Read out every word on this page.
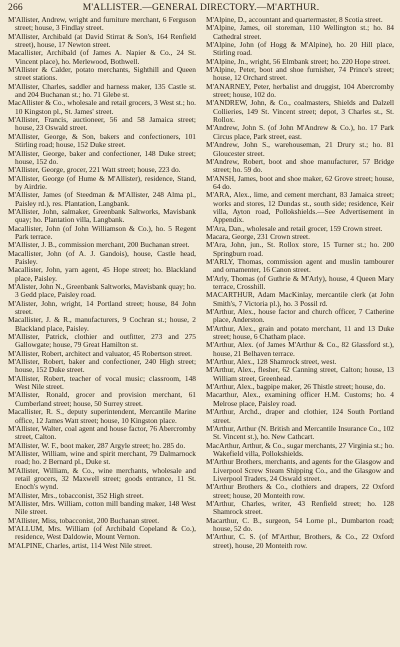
266	M'ALLISTER.—GENERAL DIRECTORY.—M'ARTHUR.
M'Allister, Andrew, wright and furniture merchant, 6 Ferguson street; house, 3 Findlay street.
M'Allister, Archibald (at David Stirrat & Son's, 164 Renfield street), house, 17 Newton street.
Macallister, Archibald (of James A. Napier & Co., 24 St. Vincent place), ho. Merlewood, Bothwell.
M'Allister & Calder, potato merchants, Sighthill and Queen street stations.
M'Allister, Charles, saddler and harness maker, 135 Castle st. and 204 Buchanan st.; ho. 71 Glebe st.
MacAllister & Co., wholesale and retail grocers, 3 West st.; ho. 10 Kingston pl., St. James' street.
M'Allister, Francis, auctioneer, 56 and 58 Jamaica street; house, 23 Oswald street.
M'Allister, George, & Son, bakers and confectioners, 101 Stirling road; house, 152 Duke street.
M'Allister, George, baker and confectioner, 148 Duke street; house, 152 do.
M'Allister, George, grocer, 221 Watt street; house, 223 do.
M'Allister, George (of Hume & M'Allister), residence, Stand, by Airdrie.
M'Allister, James (of Steedman & M'Allister, 248 Alma pl., Paisley rd.), res. Plantation, Langbank.
M'Allister, John, salmaker, Greenbank Saltworks, Mavisbank quay; ho. Plantation villa, Langbank.
Macallister, John (of John Williamson & Co.), ho. 5 Regent Park terrace.
M'Allister, J. B., commission merchant, 200 Buchanan street.
Macallister, John (of A. J. Gandois), house, Castle head, Paisley.
Macallister, John, yarn agent, 45 Hope street; ho. Blackland place, Paisley.
M'Alister, John N., Greenbank Saltworks, Mavisbank quay; ho. 3 Gedd place, Paisley road.
M'Alister, John, wright, 14 Portland street; house, 84 John street.
Macallister, J. & R., manufacturers, 9 Cochran st.; house, 2 Blackland place, Paisley.
M'Allister, Patrick, clothier and outfitter, 273 and 275 Gallowgate; house, 79 Great Hamilton st.
M'Allister, Robert, architect and valuator, 45 Robertson street.
M'Allister, Robert, baker and confectioner, 240 High street; house, 152 Duke street.
M'Allister, Robert, teacher of vocal music; classroom, 148 West Nile street.
M'Allister, Ronald, grocer and provision merchant, 61 Cumberland street; house, 50 Surrey street.
Macallister, R. S., deputy superintendent, Mercantile Marine office, 12 James Watt street; house, 10 Kingston place.
M'Allister, Walter, coal agent and house factor, 76 Abercromby street, Calton.
M'Allister, W. F., boot maker, 287 Argyle street; ho. 285 do.
M'Allister, William, wine and spirit merchant, 79 Dalmarnock road; ho. 2 Bernard pl., Duke st.
M'Allister, William, & Co., wine merchants, wholesale and retail grocers, 32 Maxwell street; goods entrance, 11 St. Enoch's wynd.
M'Allister, Mrs., tobacconist, 352 High street.
M'Allister, Mrs. William, cotton mill banding maker, 148 West Nile street.
M'Allister, Miss, tobacconist, 200 Buchanan street.
M'ALLUM, Mrs. William (of Archibald Copeland & Co.), residence, West Daldowie, Mount Vernon.
M'ALPINE, Charles, artist, 114 West Nile street.
M'Alpine, D., accountant and quartermaster, 8 Scotia street.
M'Alpine, James, oil storeman, 110 Wellington st.; ho. 84 Cathedral street.
M'Alpine, John (of Hogg & M'Alpine), ho. 20 Hill place, Stirling road.
M'Alpine, Jn., wright, 56 Elmbank street; ho. 220 Hope street.
M'Alpine, Peter, boot and shoe furnisher, 74 Prince's street; house, 12 Orchard street.
M'ANARNEY, Peter, herbalist and druggist, 104 Abercromby street; house, 102 do.
M'ANDREW, John, & Co., coalmasters, Shields and Dalzell Collieries, 149 St. Vincent street; depot, 3 Charles st., St. Rollox.
M'Andrew, John S. (of John M'Andrew & Co.), ho. 17 Park Circus place, Park street, east.
M'Andrew, John S., warehouseman, 21 Drury st.; ho. 81 Gloucester street.
M'Andrew, Robert, boot and shoe manufacturer, 57 Bridge street; ho. 59 do.
M'ANSH, James, boot and shoe maker, 62 Grove street; house, 64 do.
M'ARA, Alex., lime, and cement merchant, 83 Jamaica street; works and stores, 12 Dundas st., south side; residence, Keir villa, Ayton road, Pollokshields.—See Advertisement in Appendix.
M'Ara, Dan., wholesale and retail grocer, 159 Crown street.
Macara, George, 231 Crown street.
M'Ara, John, jun., St. Rollox store, 15 Turner st.; ho. 200 Springburn road.
M'ARLY, Thomas, commission agent and muslin tambourer and ornamenter, 16 Canon street.
M'Arly, Thomas (of Guthrie & M'Arly), house, 4 Queen Mary terrace, Crosshill.
MACARTHUR, Adam MacKinlay, mercantile clerk (at John Smith's, 7 Victoria pl.), ho. 3 Possil rd.
M'Arthur, Alex., house factor and church officer, 7 Catherine place, Anderston.
M'Arthur, Alex., grain and potato merchant, 11 and 13 Duke street; house, 6 Chatham place.
M'Arthur, Alex. (of James M'Arthur & Co., 82 Glassford st.), house, 21 Belhaven terrace.
M'Arthur, Alex., 128 Shamrock street, west.
M'Arthur, Alex., flesher, 62 Canning street, Calton; house, 13 William street, Greenhead.
M'Arthur, Alex., bagpipe maker, 26 Thistle street; house, do.
Macarthur, Alex., examining officer H.M. Customs; ho. 4 Melrose place, Paisley road.
M'Arthur, Archd., draper and clothier, 124 South Portland street.
M'Arthur, Arthur (N. British and Mercantile Insurance Co., 102 St. Vincent st.), ho. New Cathcart.
MacArthur, Arthur, & Co., sugar merchants, 27 Virginia st.; ho. Wakefield villa, Pollokshields.
M'Arthur Brothers, merchants, and agents for the Glasgow and Liverpool Screw Steam Shipping Co., and the Glasgow and Liverpool Traders, 24 Oswald street.
M'Arthur Brothers & Co., clothiers and drapers, 22 Oxford street; house, 20 Monteith row.
M'Arthur, Charles, writer, 43 Renfield street; ho. 128 Shamrock street.
Macarthur, C. B., surgeon, 54 Lorne pl., Dumbarton road; house, 52 do.
M'Arthur, C. S. (of M'Arthur, Brothers, & Co., 22 Oxford street), house, 20 Monteith row.
